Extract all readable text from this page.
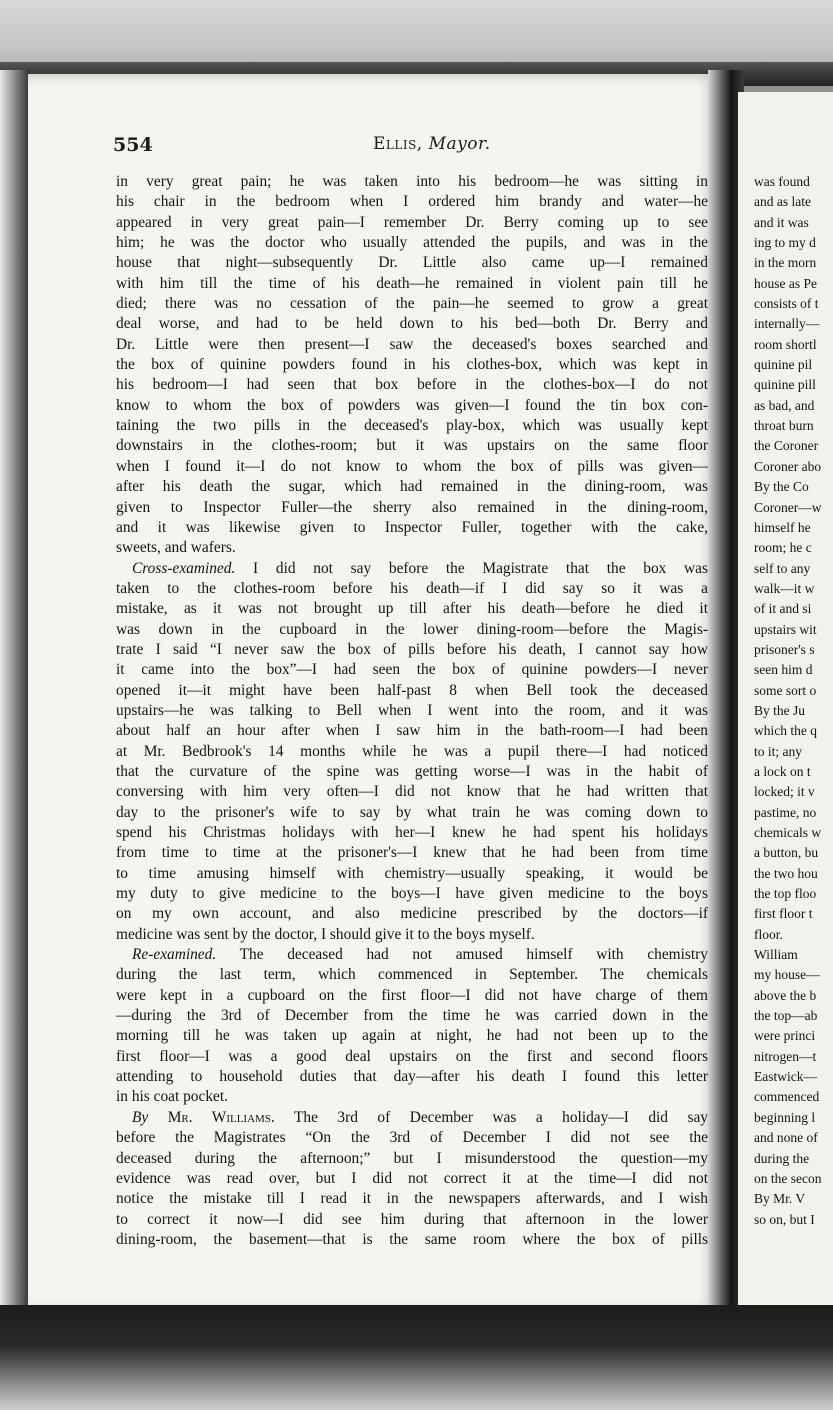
554	Ellis, Mayor.
in very great pain; he was taken into his bedroom—he was sitting in
his chair in the bedroom when I ordered him brandy and water—he
appeared in very great pain—I remember Dr. Berry coming up to see
him; he was the doctor who usually attended the pupils, and was in the
house that night—subsequently Dr. Little also came up—I remained
with him till the time of his death—he remained in violent pain till he
died; there was no cessation of the pain—he seemed to grow a great
deal worse, and had to be held down to his bed—both Dr. Berry and
Dr. Little were then present—I saw the deceased's boxes searched and
the box of quinine powders found in his clothes-box, which was kept in
his bedroom—I had seen that box before in the clothes-box—I do not
know to whom the box of powders was given—I found the tin box con-
taining the two pills in the deceased's play-box, which was usually kept
downstairs in the clothes-room; but it was upstairs on the same floor
when I found it—I do not know to whom the box of pills was given—
after his death the sugar, which had remained in the dining-room, was
given to Inspector Fuller—the sherry also remained in the dining-room,
and it was likewise given to Inspector Fuller, together with the cake,
sweets, and wafers.
Cross-examined. I did not say before the Magistrate that the box was
taken to the clothes-room before his death—if I did say so it was a
mistake, as it was not brought up till after his death—before he died it
was down in the cupboard in the lower dining-room—before the Magis-
trate I said “I never saw the box of pills before his death, I cannot say how
it came into the box”—I had seen the box of quinine powders—I never
opened it—it might have been half-past 8 when Bell took the deceased
upstairs—he was talking to Bell when I went into the room, and it was
about half an hour after when I saw him in the bath-room—I had been
at Mr. Bedbrook's 14 months while he was a pupil there—I had noticed
that the curvature of the spine was getting worse—I was in the habit of
conversing with him very often—I did not know that he had written that
day to the prisoner's wife to say by what train he was coming down to
spend his Christmas holidays with her—I knew he had spent his holidays
from time to time at the prisoner's—I knew that he had been from time
to time amusing himself with chemistry—usually speaking, it would be
my duty to give medicine to the boys—I have given medicine to the boys
on my own account, and also medicine prescribed by the doctors—if
medicine was sent by the doctor, I should give it to the boys myself.
Re-examined. The deceased had not amused himself with chemistry
during the last term, which commenced in September. The chemicals
were kept in a cupboard on the first floor—I did not have charge of them
—during the 3rd of December from the time he was carried down in the
morning till he was taken up again at night, he had not been up to the
first floor—I was a good deal upstairs on the first and second floors
attending to household duties that day—after his death I found this letter
in his coat pocket.
By Mr. Williams. The 3rd of December was a holiday—I did say
before the Magistrates “On the 3rd of December I did not see the
deceased during the afternoon;” but I misunderstood the question—my
evidence was read over, but I did not correct it at the time—I did not
notice the mistake till I read it in the newspapers afterwards, and I wish
to correct it now—I did see him during that afternoon in the lower
dining-room, the basement—that is the same room where the box of pills
was found
and as late
and it was
ing to my d
in the morn
house as Pe
consists of t
internally—
room shortl
quinine pil
quinine pill
as bad, and
throat burn
the Coroner
Coroner abo
By the Co
Coroner—w
himself he
room; he c
self to any
walk—it w
of it and si
upstairs wit
prisoner's s
seen him d
some sort o
By the Ju
which the q
to it; any
a lock on t
locked; it v
pastime, no
chemicals w
a button, bu
the two hou
the top floo
first floor t
floor.
William
my house—
above the b
the top—ab
were princi
nitrogen—t
Eastwick—
commenced
beginning l
and none of
during the
on the secon
By Mr. V
so on, but I
